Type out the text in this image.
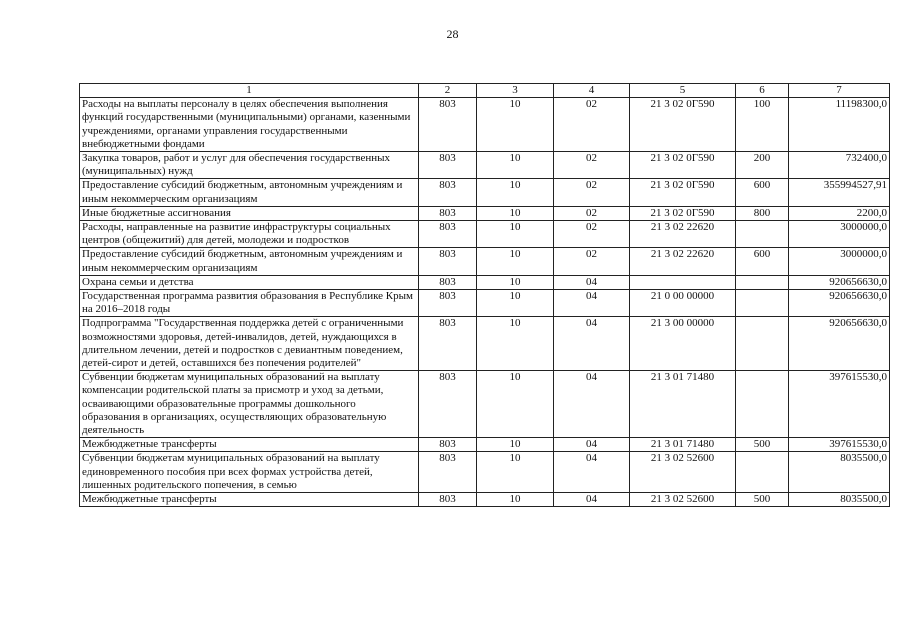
28
1	2	3	4	5	6	7
Расходы на выплаты персоналу в целях обеспечения выполнения функций государственными (муниципальными) органами, казенными учреждениями, органами управления государственными внебюджетными фондами	803	10	02	21 3 02 0Г590	100	11198300,0
Закупка товаров, работ и услуг для обеспечения государственных (муниципальных) нужд	803	10	02	21 3 02 0Г590	200	732400,0
Предоставление субсидий бюджетным, автономным учреждениям и иным некоммерческим организациям	803	10	02	21 3 02 0Г590	600	355994527,91
Иные бюджетные ассигнования	803	10	02	21 3 02 0Г590	800	2200,0
Расходы, направленные на развитие инфраструктуры социальных центров (общежитий) для детей, молодежи и подростков	803	10	02	21 3 02 22620		3000000,0
Предоставление субсидий бюджетным, автономным учреждениям и иным некоммерческим организациям	803	10	02	21 3 02 22620	600	3000000,0
Охрана семьи и детства	803	10	04			920656630,0
Государственная программа развития образования в Республике Крым на 2016–2018 годы	803	10	04	21 0 00 00000		920656630,0
Подпрограмма "Государственная поддержка детей с ограниченными возможностями здоровья, детей-инвалидов, детей, нуждающихся в длительном лечении, детей и подростков с девиантным поведением, детей-сирот и детей, оставшихся без попечения родителей"	803	10	04	21 3 00 00000		920656630,0
Субвенции бюджетам муниципальных образований на выплату компенсации родительской платы за присмотр и уход за детьми, осваивающими образовательные программы дошкольного образования в организациях, осуществляющих образовательную деятельность	803	10	04	21 3 01 71480		397615530,0
Межбюджетные трансферты	803	10	04	21 3 01 71480	500	397615530,0
Субвенции бюджетам муниципальных образований на выплату единовременного пособия при всех формах устройства детей, лишенных родительского попечения, в семью	803	10	04	21 3 02 52600		8035500,0
Межбюджетные трансферты	803	10	04	21 3 02 52600	500	8035500,0
